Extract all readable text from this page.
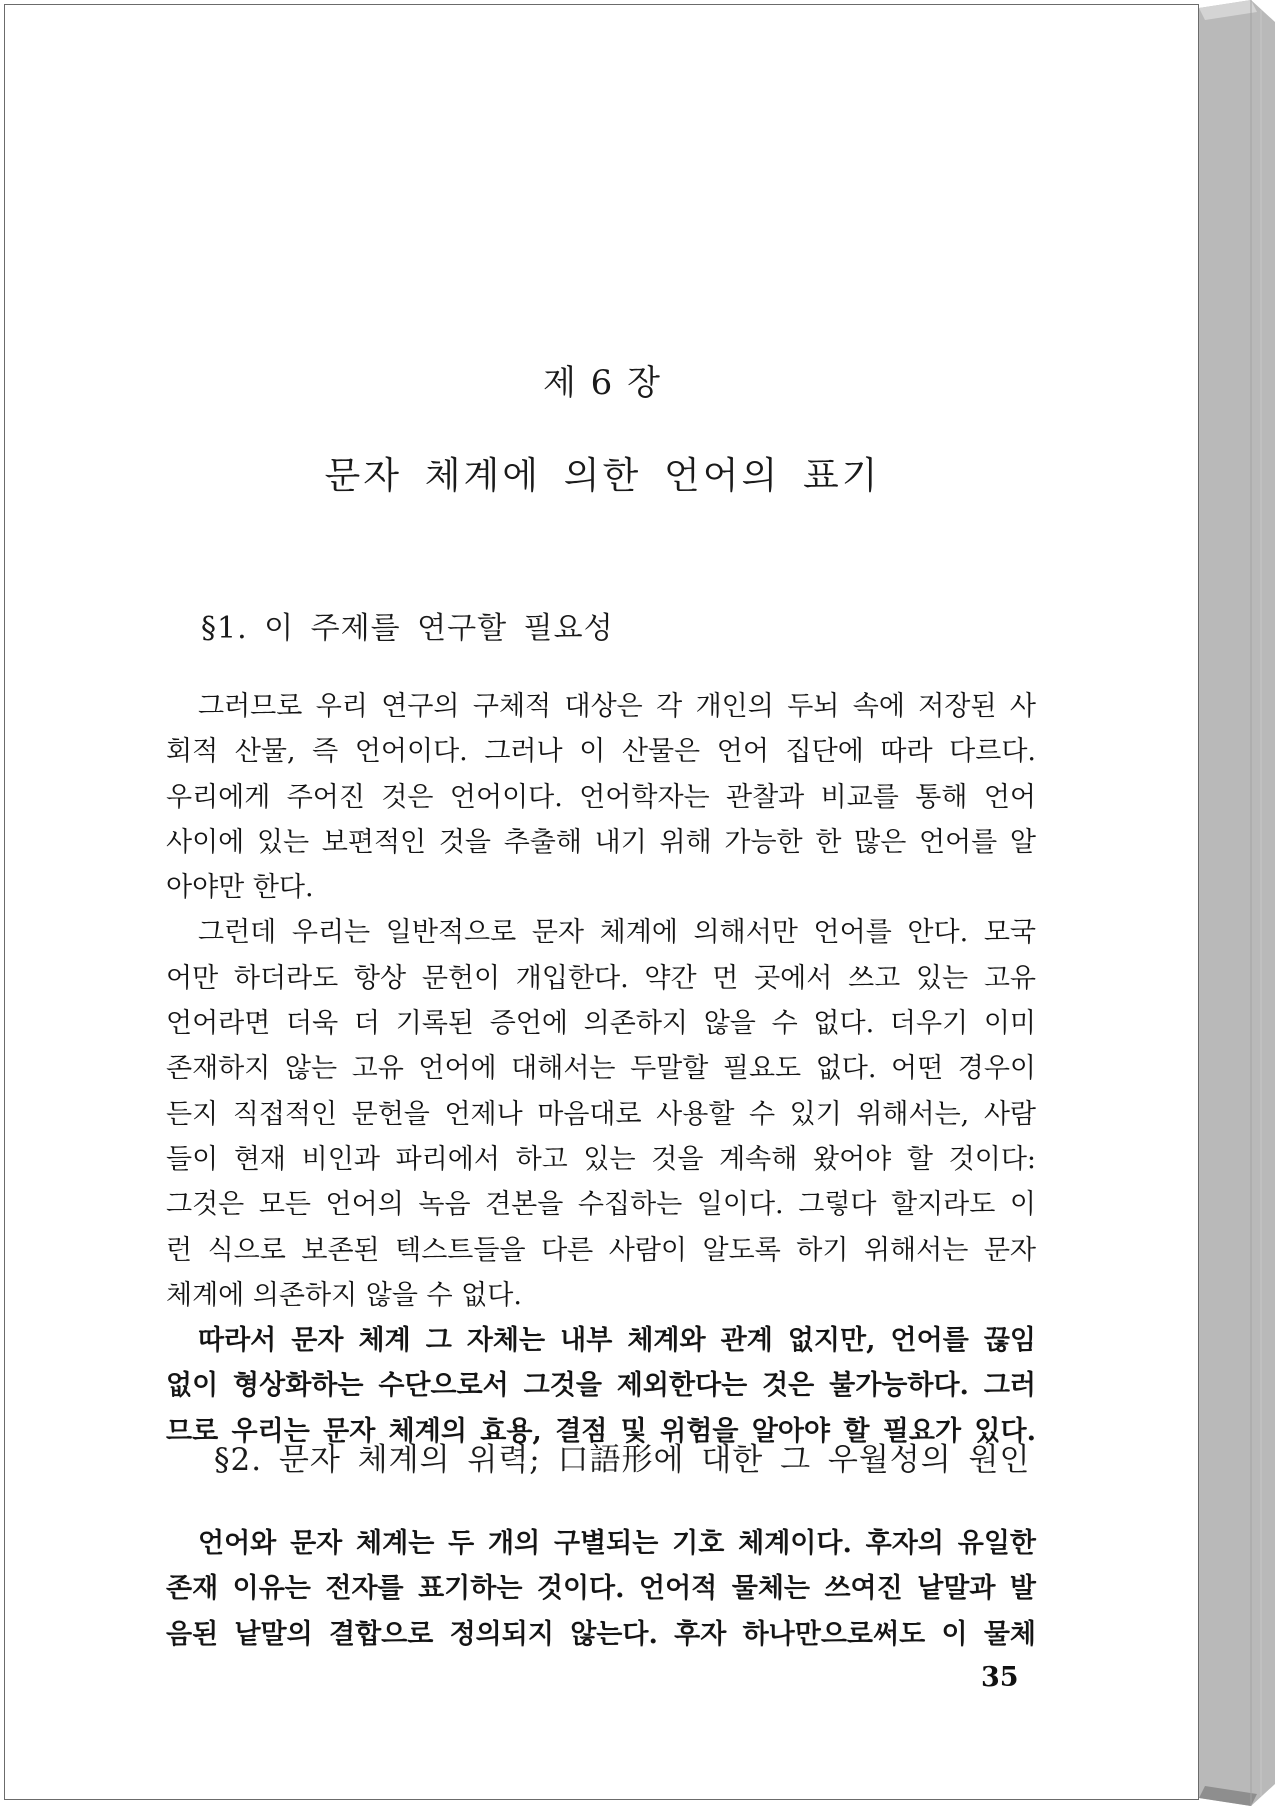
제 6 장
문자 체계에 의한 언어의 표기
§1. 이 주제를 연구할 필요성
그러므로 우리 연구의 구체적 대상은 각 개인의 두뇌 속에 저장된 사
회적 산물, 즉 언어이다. 그러나 이 산물은 언어 집단에 따라 다르다.
우리에게 주어진 것은 언어이다. 언어학자는 관찰과 비교를 통해 언어
사이에 있는 보편적인 것을 추출해 내기 위해 가능한 한 많은 언어를 알
아야만 한다.
그런데 우리는 일반적으로 문자 체계에 의해서만 언어를 안다. 모국
어만 하더라도 항상 문헌이 개입한다. 약간 먼 곳에서 쓰고 있는 고유
언어라면 더욱 더 기록된 증언에 의존하지 않을 수 없다. 더우기 이미
존재하지 않는 고유 언어에 대해서는 두말할 필요도 없다. 어떤 경우이
든지 직접적인 문헌을 언제나 마음대로 사용할 수 있기 위해서는, 사람
들이 현재 비인과 파리에서 하고 있는 것을 계속해 왔어야 할 것이다:
그것은 모든 언어의 녹음 견본을 수집하는 일이다. 그렇다 할지라도 이
런 식으로 보존된 텍스트들을 다른 사람이 알도록 하기 위해서는 문자
체계에 의존하지 않을 수 없다.
따라서 문자 체계 그 자체는 내부 체계와 관계 없지만, 언어를 끊임
없이 형상화하는 수단으로서 그것을 제외한다는 것은 불가능하다. 그러
므로 우리는 문자 체계의 효용, 결점 및 위험을 알아야 할 필요가 있다.
§2. 문자 체계의 위력; 口語形에 대한 그 우월성의 원인
언어와 문자 체계는 두 개의 구별되는 기호 체계이다. 후자의 유일한
존재 이유는 전자를 표기하는 것이다. 언어적 물체는 쓰여진 낱말과 발
음된 낱말의 결합으로 정의되지 않는다. 후자 하나만으로써도 이 물체
35
